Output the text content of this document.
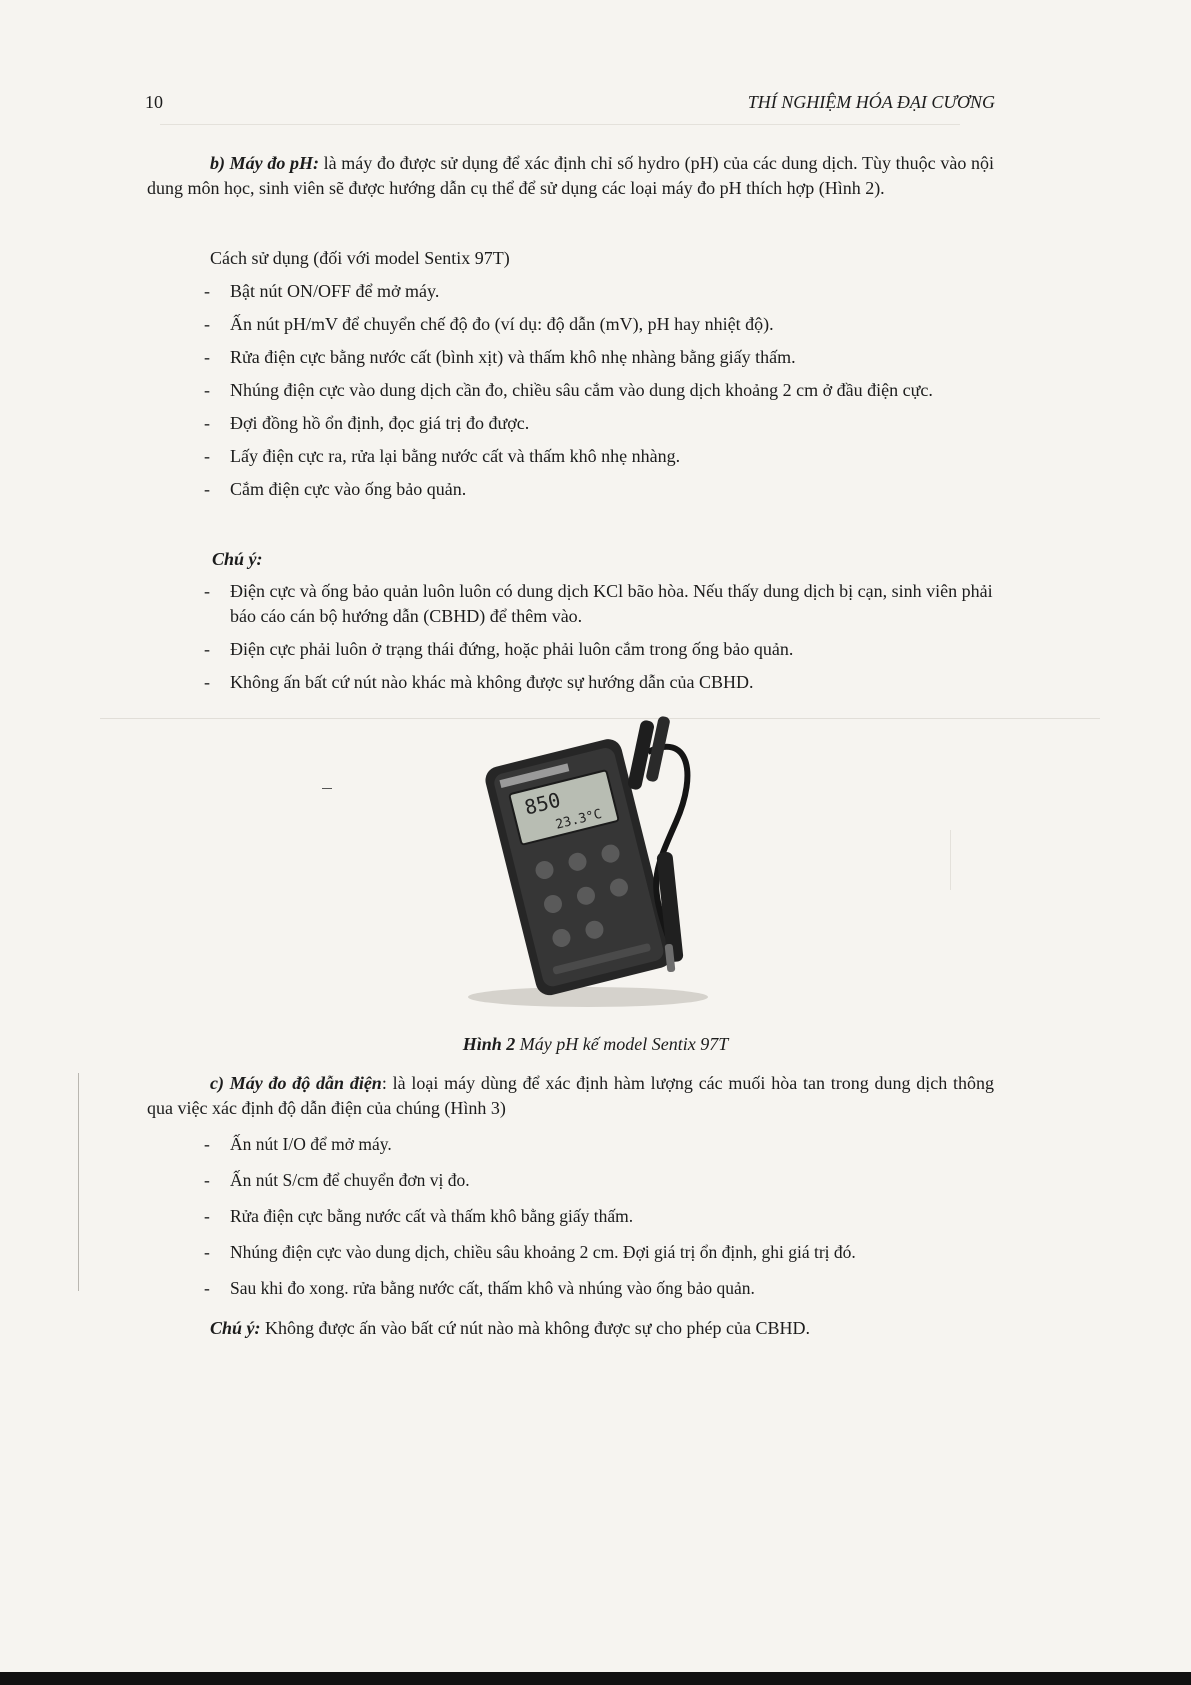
10	THÍ NGHIỆM HÓA ĐẠI CƯƠNG
b) Máy đo pH: là máy đo được sử dụng để xác định chỉ số hydro (pH) của các dung dịch. Tùy thuộc vào nội dung môn học, sinh viên sẽ được hướng dẫn cụ thể để sử dụng các loại máy đo pH thích hợp (Hình 2).
Cách sử dụng (đối với model Sentix 97T)
- Bật nút ON/OFF để mở máy.
- Ấn nút pH/mV để chuyển chế độ đo (ví dụ: độ dẫn (mV), pH hay nhiệt độ).
- Rửa điện cực bằng nước cất (bình xịt) và thấm khô nhẹ nhàng bằng giấy thấm.
- Nhúng điện cực vào dung dịch cần đo, chiều sâu cắm vào dung dịch khoảng 2 cm ở đầu điện cực.
- Đợi đồng hồ ổn định, đọc giá trị đo được.
- Lấy điện cực ra, rửa lại bằng nước cất và thấm khô nhẹ nhàng.
- Cắm điện cực vào ống bảo quản.
Chú ý:
- Điện cực và ống bảo quản luôn luôn có dung dịch KCl bão hòa. Nếu thấy dung dịch bị cạn, sinh viên phải báo cáo cán bộ hướng dẫn (CBHD) để thêm vào.
- Điện cực phải luôn ở trạng thái đứng, hoặc phải luôn cắm trong ống bảo quản.
- Không ấn bất cứ nút nào khác mà không được sự hướng dẫn của CBHD.
850
23.3°C
Hình 2 Máy pH kế model Sentix 97T
c) Máy đo độ dẫn điện: là loại máy dùng để xác định hàm lượng các muối hòa tan trong dung dịch thông qua việc xác định độ dẫn điện của chúng (Hình 3)
- Ấn nút I/O để mở máy.
- Ấn nút S/cm để chuyển đơn vị đo.
- Rửa điện cực bằng nước cất và thấm khô bằng giấy thấm.
- Nhúng điện cực vào dung dịch, chiều sâu khoảng 2 cm. Đợi giá trị ổn định, ghi giá trị đó.
- Sau khi đo xong. rửa bằng nước cất, thấm khô và nhúng vào ống bảo quản.
Chú ý: Không được ấn vào bất cứ nút nào mà không được sự cho phép của CBHD.
